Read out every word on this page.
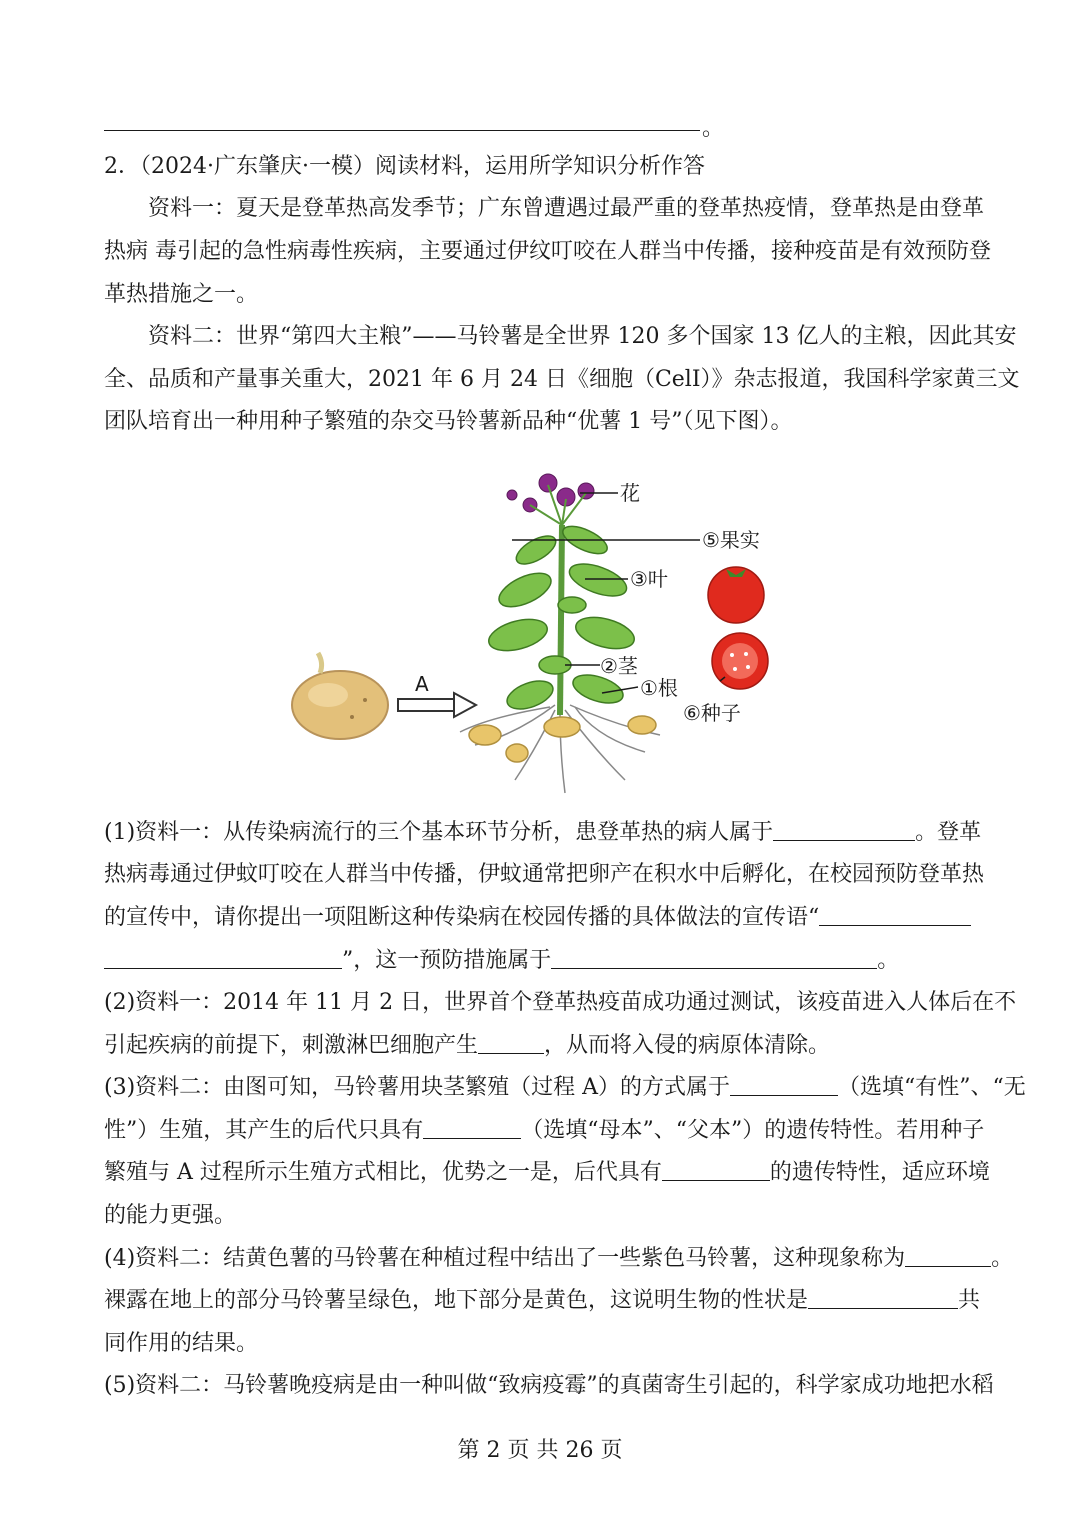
。
2．（2024·广东肇庆·一模）阅读材料，运用所学知识分析作答
资料一：夏天是登革热高发季节；广东曾遭遇过最严重的登革热疫情，登革热是由登革
热病 毒引起的急性病毒性疾病，主要通过伊纹叮咬在人群当中传播，接种疫苗是有效预防登
革热措施之一。
资料二：世界“第四大主粮”——马铃薯是全世界 120 多个国家 13 亿人的主粮，因此其安
全、品质和产量事关重大，2021 年 6 月 24 日《细胞（CelI）》杂志报道，我国科学家黄三文
团队培育出一种用种子繁殖的杂交马铃薯新品种“优薯 1 号”（见下图）。
A
花
⑤果实
③叶
②茎
①根
⑥种子
(1)资料一：从传染病流行的三个基本环节分析，患登革热的病人属于	。登革
热病毒通过伊蚊叮咬在人群当中传播，伊蚊通常把卵产在积水中后孵化，在校园预防登革热
的宣传中，请你提出一项阻断这种传染病在校园传播的具体做法的宣传语“
”，这一预防措施属于	。
(2)资料一：2014 年 11 月 2 日，世界首个登革热疫苗成功通过测试，该疫苗进入人体后在不
引起疾病的前提下，刺激淋巴细胞产生	，从而将入侵的病原体清除。
(3)资料二：由图可知，马铃薯用块茎繁殖（过程 A）的方式属于	（选填“有性”、“无
性”）生殖，其产生的后代只具有	（选填“母本”、“父本”）的遗传特性。若用种子
繁殖与 A 过程所示生殖方式相比，优势之一是，后代具有	的遗传特性，适应环境
的能力更强。
(4)资料二：结黄色薯的马铃薯在种植过程中结出了一些紫色马铃薯，这种现象称为	。
裸露在地上的部分马铃薯呈绿色，地下部分是黄色，这说明生物的性状是	共
同作用的结果。
(5)资料二：马铃薯晚疫病是由一种叫做“致病疫霉”的真菌寄生引起的，科学家成功地把水稻
第 2 页 共 26 页
